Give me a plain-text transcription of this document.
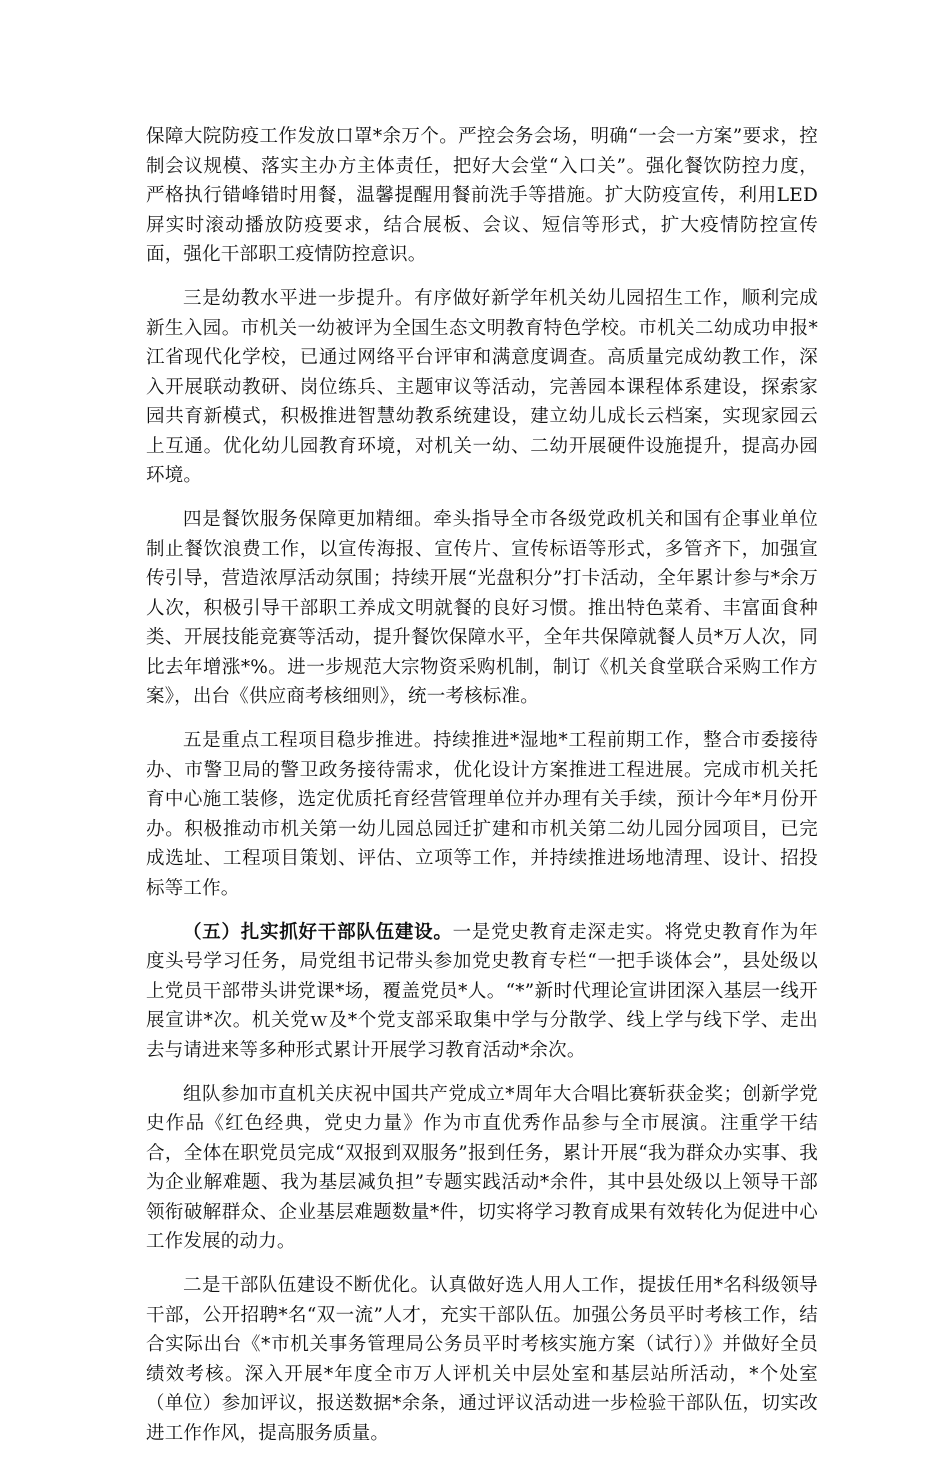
保障大院防疫工作发放口罩*余万个。严控会务会场，明确“一会一方案”要求，控制会议规模、落实主办方主体责任，把好大会堂“入口关”。强化餐饮防控力度，严格执行错峰错时用餐，温馨提醒用餐前洗手等措施。扩大防疫宣传，利用LED屏实时滚动播放防疫要求，结合展板、会议、短信等形式，扩大疫情防控宣传面，强化干部职工疫情防控意识。

三是幼教水平进一步提升。有序做好新学年机关幼儿园招生工作，顺利完成新生入园。市机关一幼被评为全国生态文明教育特色学校。市机关二幼成功申报*江省现代化学校，已通过网络平台评审和满意度调查。高质量完成幼教工作，深入开展联动教研、岗位练兵、主题审议等活动，完善园本课程体系建设，探索家园共育新模式，积极推进智慧幼教系统建设，建立幼儿成长云档案，实现家园云上互通。优化幼儿园教育环境，对机关一幼、二幼开展硬件设施提升，提高办园环境。

四是餐饮服务保障更加精细。牵头指导全市各级党政机关和国有企事业单位制止餐饮浪费工作，以宣传海报、宣传片、宣传标语等形式，多管齐下，加强宣传引导，营造浓厚活动氛围；持续开展“光盘积分”打卡活动，全年累计参与*余万人次，积极引导干部职工养成文明就餐的良好习惯。推出特色菜肴、丰富面食种类、开展技能竞赛等活动，提升餐饮保障水平，全年共保障就餐人员*万人次，同比去年增涨*%。进一步规范大宗物资采购机制，制订《机关食堂联合采购工作方案》，出台《供应商考核细则》，统一考核标准。

五是重点工程项目稳步推进。持续推进*湿地*工程前期工作，整合市委接待办、市警卫局的警卫政务接待需求，优化设计方案推进工程进展。完成市机关托育中心施工装修，选定优质托育经营管理单位并办理有关手续，预计今年*月份开办。积极推动市机关第一幼儿园总园迁扩建和市机关第二幼儿园分园项目，已完成选址、工程项目策划、评估、立项等工作，并持续推进场地清理、设计、招投标等工作。

（五）扎实抓好干部队伍建设。一是党史教育走深走实。将党史教育作为年度头号学习任务，局党组书记带头参加党史教育专栏“一把手谈体会”，县处级以上党员干部带头讲党课*场，覆盖党员*人。“*”新时代理论宣讲团深入基层一线开展宣讲*次。机关党ｗ及*个党支部采取集中学与分散学、线上学与线下学、走出去与请进来等多种形式累计开展学习教育活动*余次。

组队参加市直机关庆祝中国共产党成立*周年大合唱比赛斩获金奖；创新学党史作品《红色经典，党史力量》作为市直优秀作品参与全市展演。注重学干结合，全体在职党员完成“双报到双服务”报到任务，累计开展“我为群众办实事、我为企业解难题、我为基层减负担”专题实践活动*余件，其中县处级以上领导干部领衔破解群众、企业基层难题数量*件，切实将学习教育成果有效转化为促进中心工作发展的动力。

二是干部队伍建设不断优化。认真做好选人用人工作，提拔任用*名科级领导干部，公开招聘*名“双一流”人才，充实干部队伍。加强公务员平时考核工作，结合实际出台《*市机关事务管理局公务员平时考核实施方案（试行）》并做好全员绩效考核。深入开展*年度全市万人评机关中层处室和基层站所活动，*个处室（单位）参加评议，报送数据*余条，通过评议活动进一步检验干部队伍，切实改进工作作风，提高服务质量。
